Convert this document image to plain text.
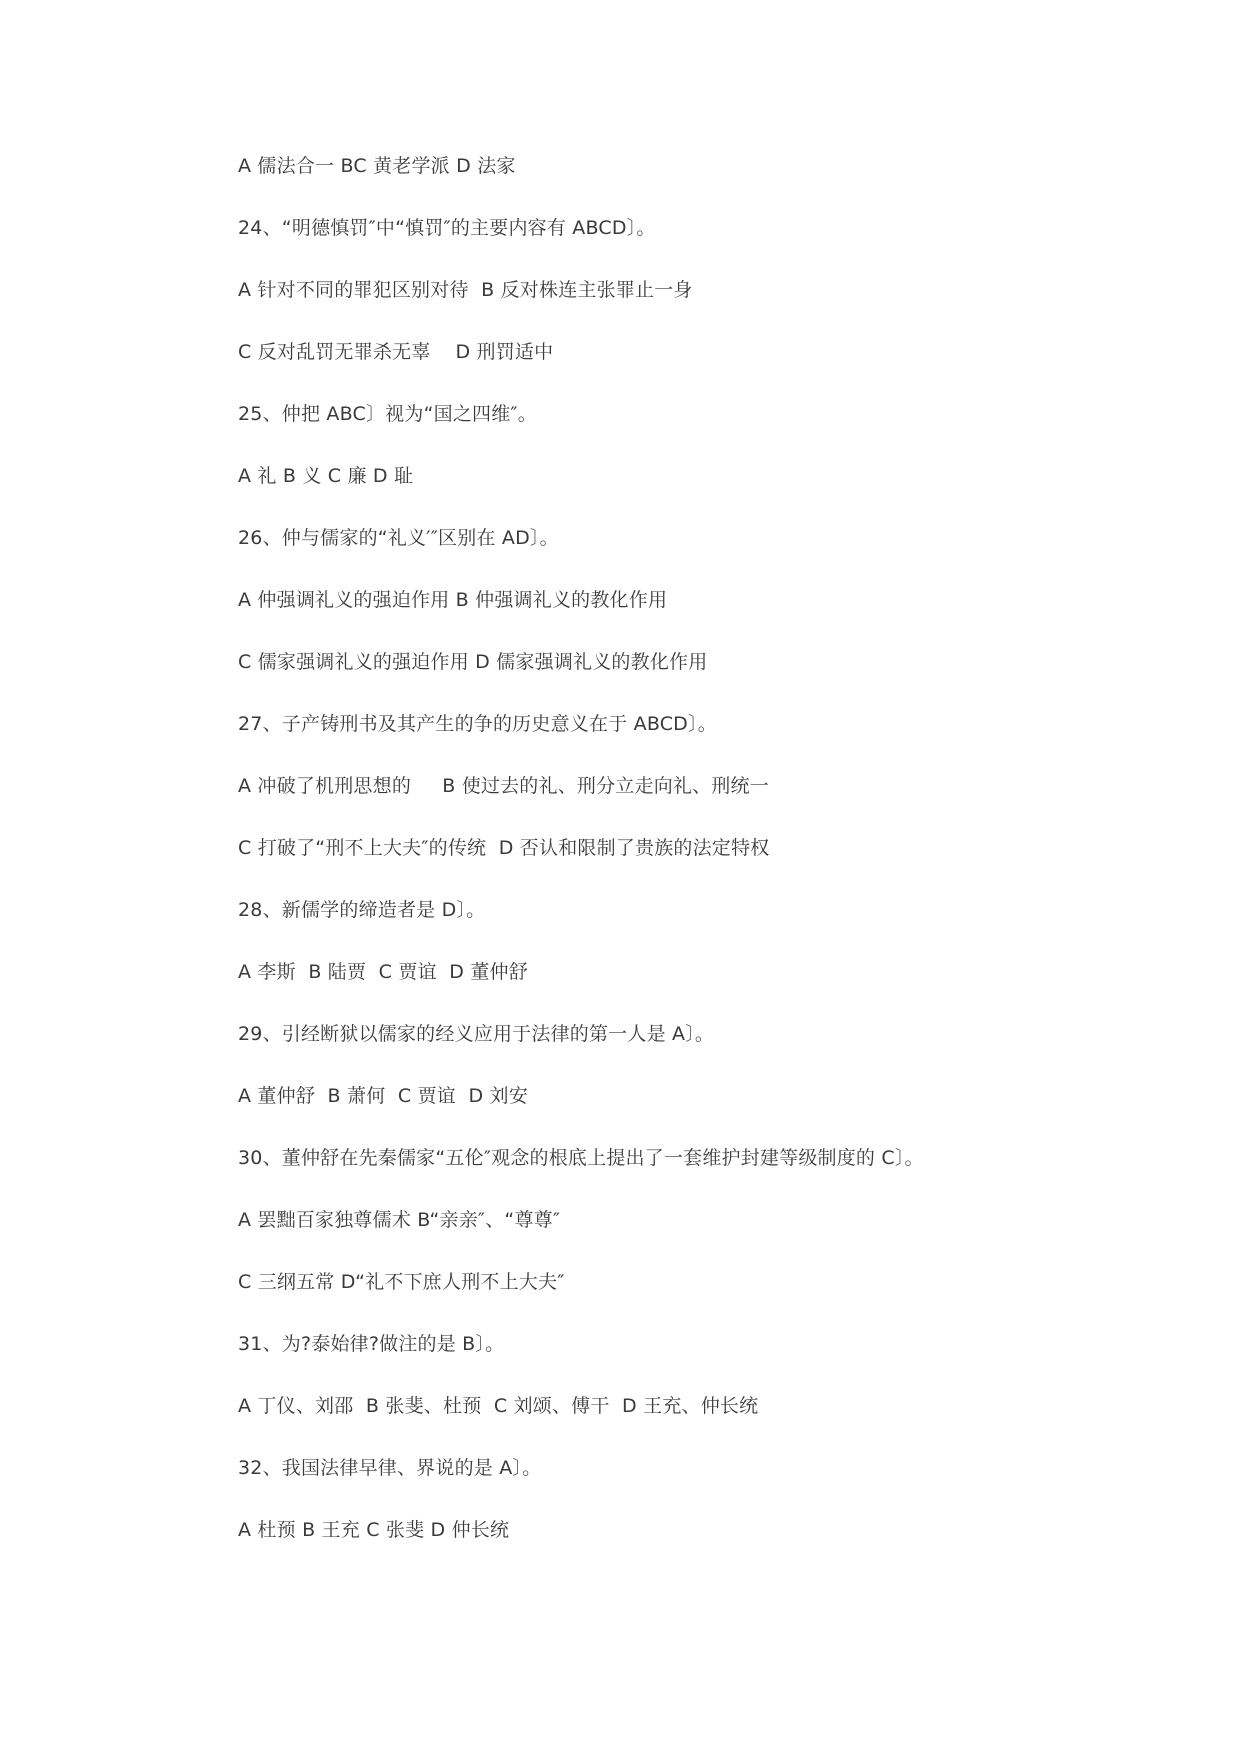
A 儒法合一 BC 黄老学派 D 法家
24、“明德慎罚″中“慎罚″的主要内容有 ABCD〕。
A 针对不同的罪犯区别对待  B 反对株连主张罪止一身
C 反对乱罚无罪杀无辜    D 刑罚适中
25、仲把 ABC〕视为“国之四维″。
A 礼 B 义 C 廉 D 耻
26、仲与儒家的“礼义′″区别在 AD〕。
A 仲强调礼义的强迫作用 B 仲强调礼义的教化作用
C 儒家强调礼义的强迫作用 D 儒家强调礼义的教化作用
27、子产铸刑书及其产生的争的历史意义在于 ABCD〕。
A 冲破了机刑思想的     B 使过去的礼、刑分立走向礼、刑统一
C 打破了“刑不上大夫″的传统  D 否认和限制了贵族的法定特权
28、新儒学的缔造者是 D〕。
A 李斯  B 陆贾  C 贾谊  D 董仲舒
29、引经断狱以儒家的经义应用于法律的第一人是 A〕。
A 董仲舒  B 萧何  C 贾谊  D 刘安
30、董仲舒在先秦儒家“五伦″观念的根底上提出了一套维护封建等级制度的 C〕。
A 罢黜百家独尊儒术 B“亲亲″、“尊尊″
C 三纲五常 D“礼不下庶人刑不上大夫″
31、为?泰始律?做注的是 B〕。
A 丁仪、刘邵  B 张斐、杜预  C 刘颂、傅干  D 王充、仲长统
32、我国法律早律、界说的是 A〕。
A 杜预 B 王充 C 张斐 D 仲长统
